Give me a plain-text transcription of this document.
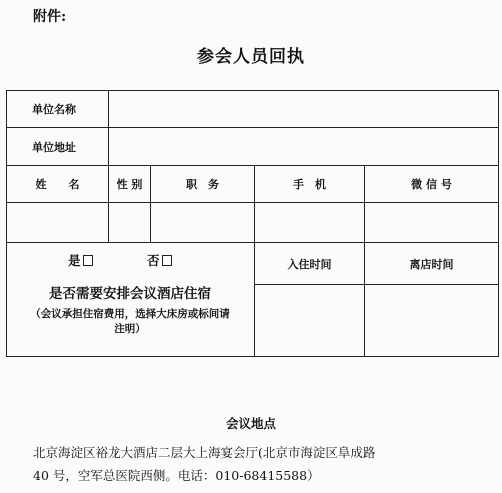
附件:
参会人员回执
单位名称
单位地址
姓　　名	性 别	职　务	手　机	微 信 号
是	否
是否需要安排会议酒店住宿
（会议承担住宿费用，选择大床房或标间请
注明）
入住时间	离店时间
会议地点
北京海淀区裕龙大酒店二层大上海宴会厅(北京市海淀区阜成路
40 号，空军总医院西侧。电话：010-68415588）
